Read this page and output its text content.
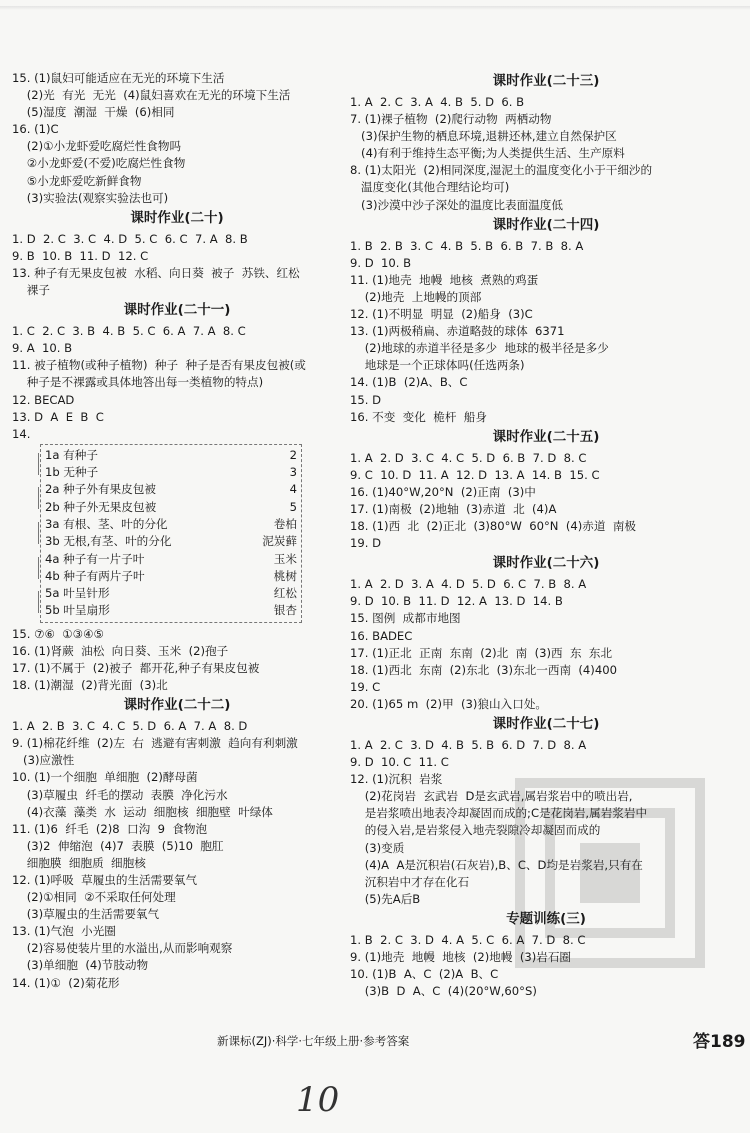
15. (1)鼠妇可能适应在无光的环境下生活
(2)光  有光  无光  (4)鼠妇喜欢在无光的环境下生活
(5)湿度  潮湿  干燥  (6)相同
16. (1)C
(2)①小龙虾爱吃腐烂性食物吗
②小龙虾爱(不爱)吃腐烂性食物
⑤小龙虾爱吃新鲜食物
(3)实验法(观察实验法也可)
课时作业(二十)
1. D  2. C  3. C  4. D  5. C  6. C  7. A  8. B
9. B  10. B  11. D  12. C
13. 种子有无果皮包被  水稻、向日葵  被子  苏铁、红松
裸子
课时作业(二十一)
1. C  2. C  3. B  4. B  5. C  6. A  7. A  8. C
9. A  10. B
11. 被子植物(或种子植物)  种子  种子是否有果皮包被(或
种子是不裸露或具体地答出每一类植物的特点)
12. BECAD
13. D  A  E  B  C
14.
1a 有种子	2
1b 无种子	3
2a 种子外有果皮包被	4
2b 种子外无果皮包被	5
3a 有根、茎、叶的分化	卷柏
3b 无根,有茎、叶的分化	泥炭藓
4a 种子有一片子叶	玉米
4b 种子有两片子叶	桃树
5a 叶呈针形	红松
5b 叶呈扇形	银杏
15. ⑦⑥  ①③④⑤
16. (1)肾蕨  油松  向日葵、玉米  (2)孢子
17. (1)不属于  (2)被子  都开花,种子有果皮包被
18. (1)潮湿  (2)背光面  (3)北
课时作业(二十二)
1. A  2. B  3. C  4. C  5. D  6. A  7. A  8. D
9. (1)棉花纤维  (2)左  右  逃避有害刺激  趋向有利刺激
(3)应激性
10. (1)一个细胞  单细胞  (2)酵母菌
(3)草履虫  纤毛的摆动  表膜  净化污水
(4)衣藻  藻类  水  运动  细胞核  细胞壁  叶绿体
11. (1)6  纤毛  (2)8  口沟  9  食物泡
(3)2  伸缩泡  (4)7  表膜  (5)10  胞肛
细胞膜  细胞质  细胞核
12. (1)呼吸  草履虫的生活需要氧气
(2)①相同  ②不采取任何处理
(3)草履虫的生活需要氧气
13. (1)气泡  小光圈
(2)容易使装片里的水溢出,从而影响观察
(3)单细胞  (4)节肢动物
14. (1)①  (2)菊花形
课时作业(二十三)
1. A  2. C  3. A  4. B  5. D  6. B
7. (1)裸子植物  (2)爬行动物  两栖动物
(3)保护生物的栖息环境,退耕还林,建立自然保护区
(4)有利于维持生态平衡;为人类提供生活、生产原料
8. (1)太阳光  (2)相同深度,湿泥土的温度变化小于干细沙的
温度变化(其他合理结论均可)
(3)沙漠中沙子深处的温度比表面温度低
课时作业(二十四)
1. B  2. B  3. C  4. B  5. B  6. B  7. B  8. A
9. D  10. B
11. (1)地壳  地幔  地核  煮熟的鸡蛋
(2)地壳  上地幔的顶部
12. (1)不明显  明显  (2)船身  (3)C
13. (1)两极稍扁、赤道略鼓的球体  6371
(2)地球的赤道半径是多少  地球的极半径是多少
地球是一个正球体吗(任选两条)
14. (1)B  (2)A、B、C
15. D
16. 不变  变化  桅杆  船身
课时作业(二十五)
1. A  2. D  3. C  4. C  5. D  6. B  7. D  8. C
9. C  10. D  11. A  12. D  13. A  14. B  15. C
16. (1)40°W,20°N  (2)正南  (3)中
17. (1)南极  (2)地轴  (3)赤道  北  (4)A
18. (1)西  北  (2)正北  (3)80°W  60°N  (4)赤道  南极
19. D
课时作业(二十六)
1. A  2. D  3. A  4. D  5. D  6. C  7. B  8. A
9. D  10. B  11. D  12. A  13. D  14. B
15. 图例  成都市地图
16. BADEC
17. (1)正北  正南  东南  (2)北  南  (3)西  东  东北
18. (1)西北  东南  (2)东北  (3)东北一西南  (4)400
19. C
20. (1)65 m  (2)甲  (3)狼山入口处。
课时作业(二十七)
1. A  2. C  3. D  4. B  5. B  6. D  7. D  8. A
9. D  10. C  11. C
12. (1)沉积  岩浆
(2)花岗岩  玄武岩  D是玄武岩,属岩浆岩中的喷出岩,
是岩浆喷出地表冷却凝固而成的;C是花岗岩,属岩浆岩中
的侵入岩,是岩浆侵入地壳裂隙冷却凝固而成的
(3)变质
(4)A  A是沉积岩(石灰岩),B、C、D均是岩浆岩,只有在
沉积岩中才存在化石
(5)先A后B
专题训练(三)
1. B  2. C  3. D  4. A  5. C  6. A  7. D  8. C
9. (1)地壳  地幔  地核  (2)地幔  (3)岩石圈
10. (1)B  A、C  (2)A  B、C
(3)B  D  A、C  (4)(20°W,60°S)
新课标(ZJ)·科学·七年级上册·参考答案	答189
10
